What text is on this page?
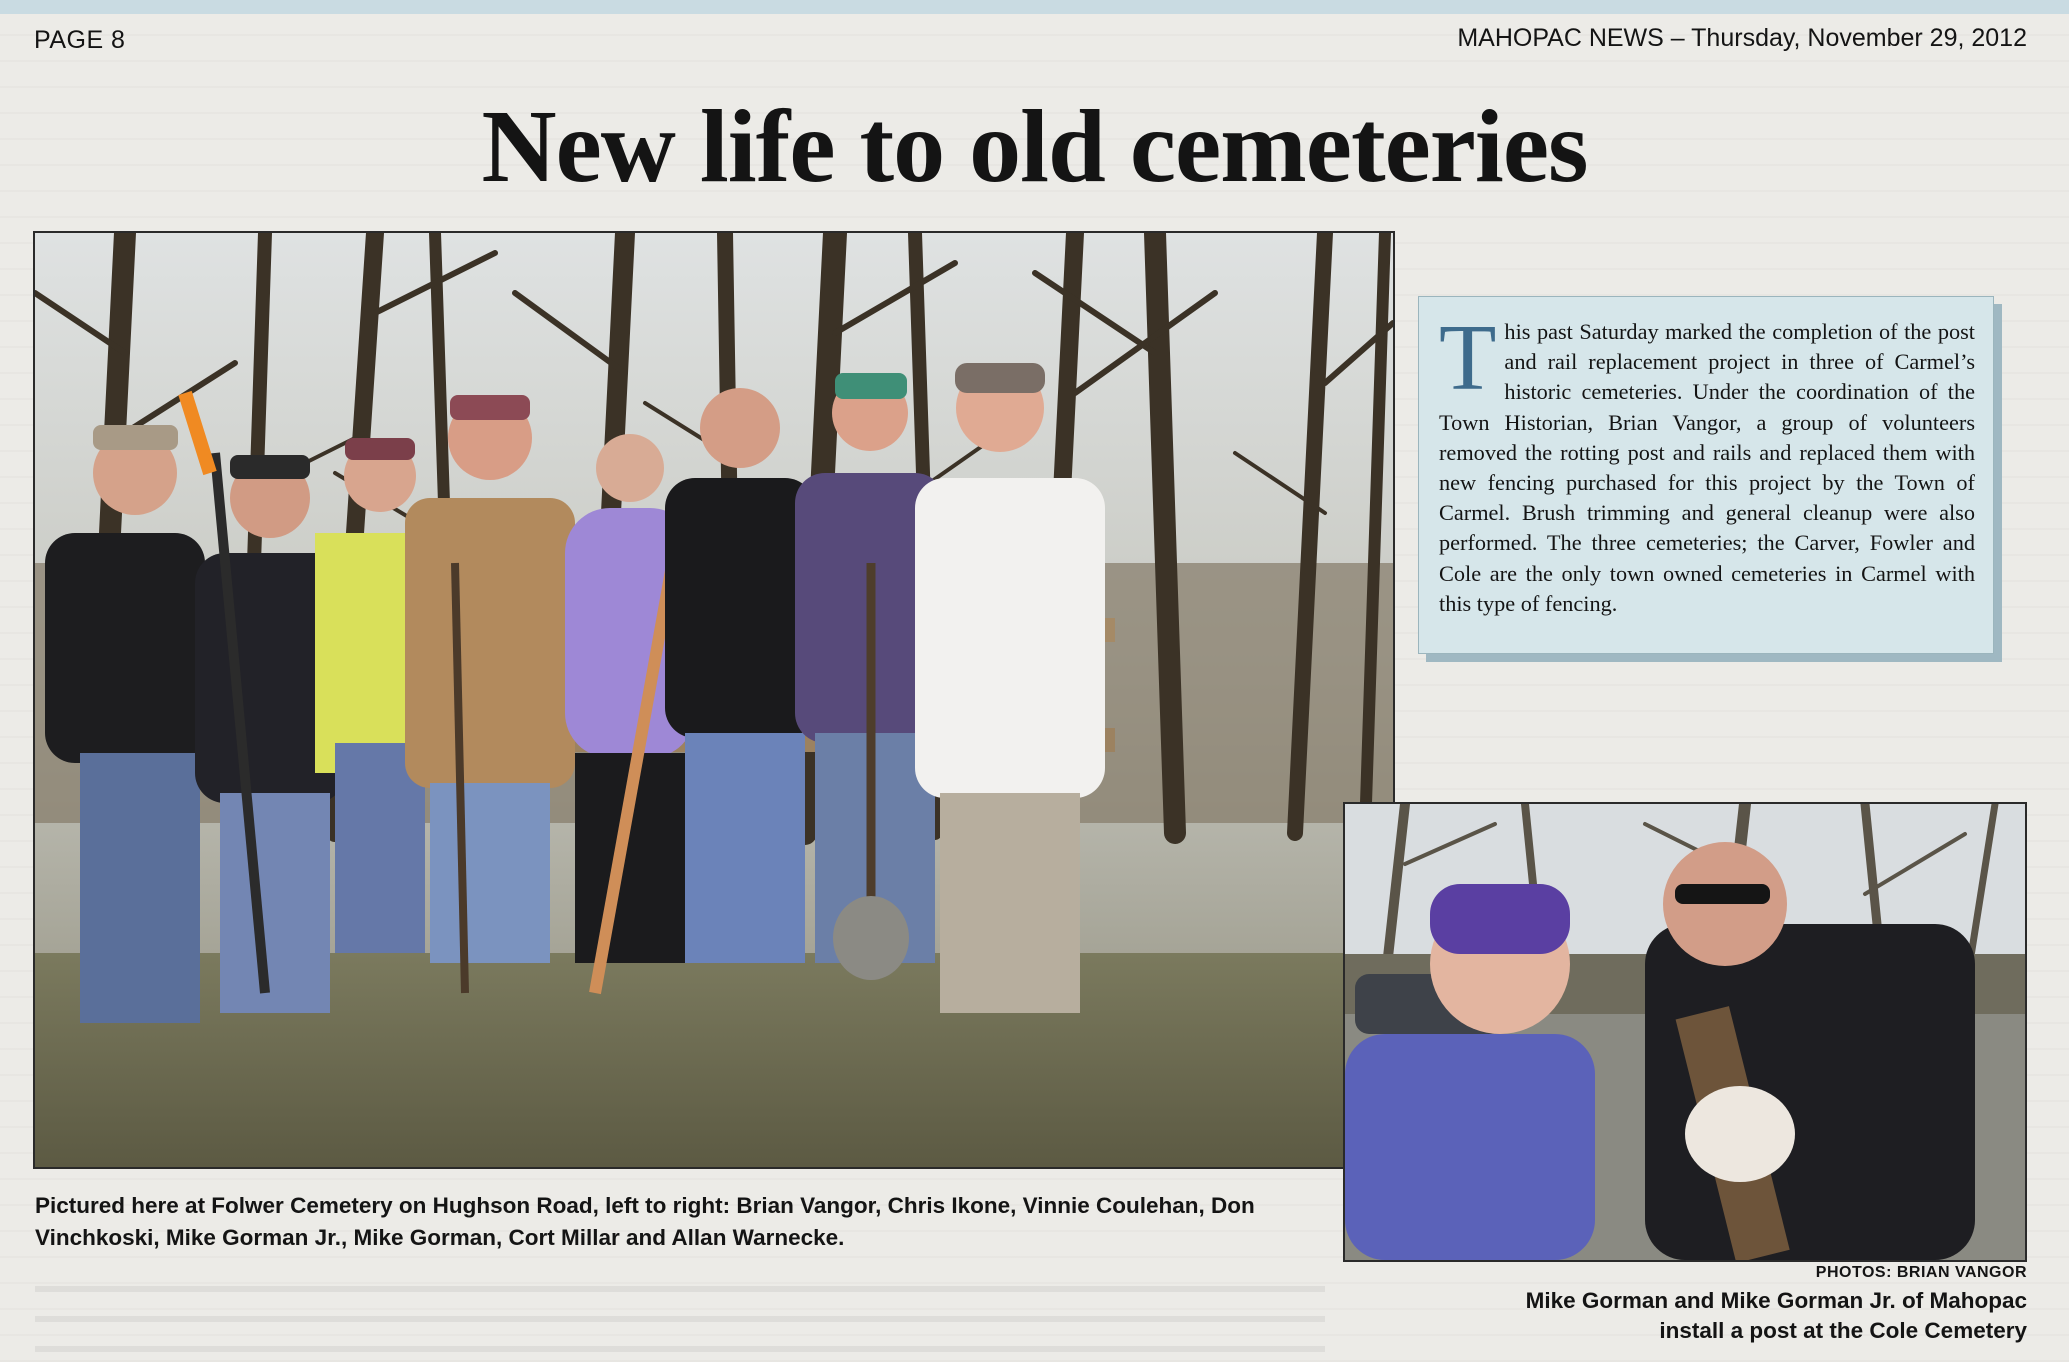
PAGE 8	MAHOPAC NEWS – Thursday, November 29, 2012
New life to old cemeteries
Pictured here at Folwer Cemetery on Hughson Road, left to right: Brian Vangor, Chris Ikone, Vinnie Coulehan, Don Vinchkoski, Mike Gorman Jr., Mike Gorman, Cort Millar and Allan Warnecke.
T his past Saturday marked the completion of the post and rail replacement project in three of Carmel’s historic cemeteries. Under the coordination of the Town Historian, Brian Vangor, a group of volunteers removed the rotting post and rails and replaced them with new fencing purchased for this project by the Town of Carmel. Brush trimming and general cleanup were also performed. The three cemeteries; the Carver, Fowler and Cole are the only town owned cemeteries in Carmel with this type of fencing.
PHOTOS: BRIAN VANGOR
Mike Gorman and Mike Gorman Jr. of Mahopac
install a post at the Cole Cemetery
